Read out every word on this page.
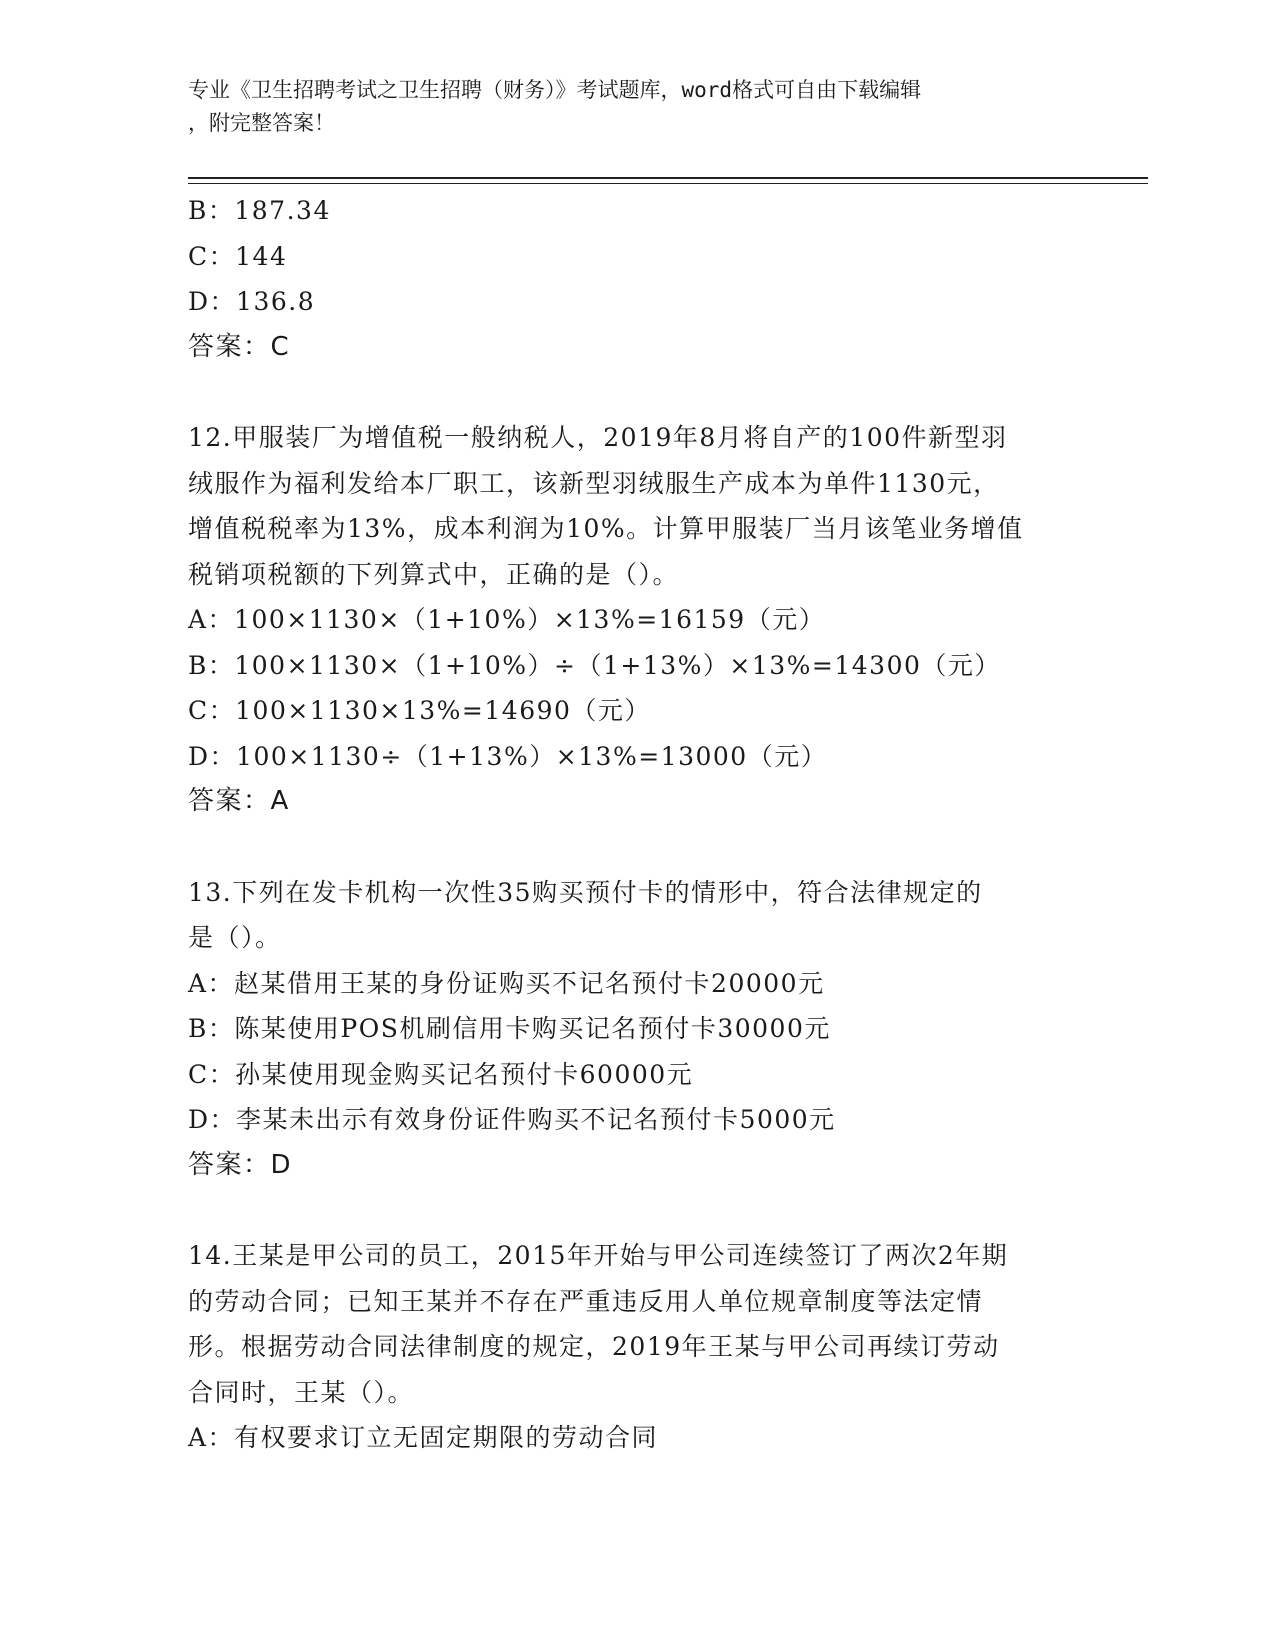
专业《卫生招聘考试之卫生招聘（财务）》考试题库，word格式可自由下载编辑
，附完整答案！
B：187.34
C：144
D：136.8
答案：C
12.甲服装厂为增值税一般纳税人，2019年8月将自产的100件新型羽
绒服作为福利发给本厂职工，该新型羽绒服生产成本为单件1130元，
增值税税率为13%，成本利润为10%。计算甲服装厂当月该笔业务增值
税销项税额的下列算式中，正确的是（）。
A：100×1130×（1+10%）×13%=16159（元）
B：100×1130×（1+10%）÷（1+13%）×13%=14300（元）
C：100×1130×13%=14690（元）
D：100×1130÷（1+13%）×13%=13000（元）
答案：A
13.下列在发卡机构一次性35购买预付卡的情形中，符合法律规定的
是（）。
A：赵某借用王某的身份证购买不记名预付卡20000元
B：陈某使用POS机刷信用卡购买记名预付卡30000元
C：孙某使用现金购买记名预付卡60000元
D：李某未出示有效身份证件购买不记名预付卡5000元
答案：D
14.王某是甲公司的员工，2015年开始与甲公司连续签订了两次2年期
的劳动合同；已知王某并不存在严重违反用人单位规章制度等法定情
形。根据劳动合同法律制度的规定，2019年王某与甲公司再续订劳动
合同时，王某（）。
A：有权要求订立无固定期限的劳动合同
